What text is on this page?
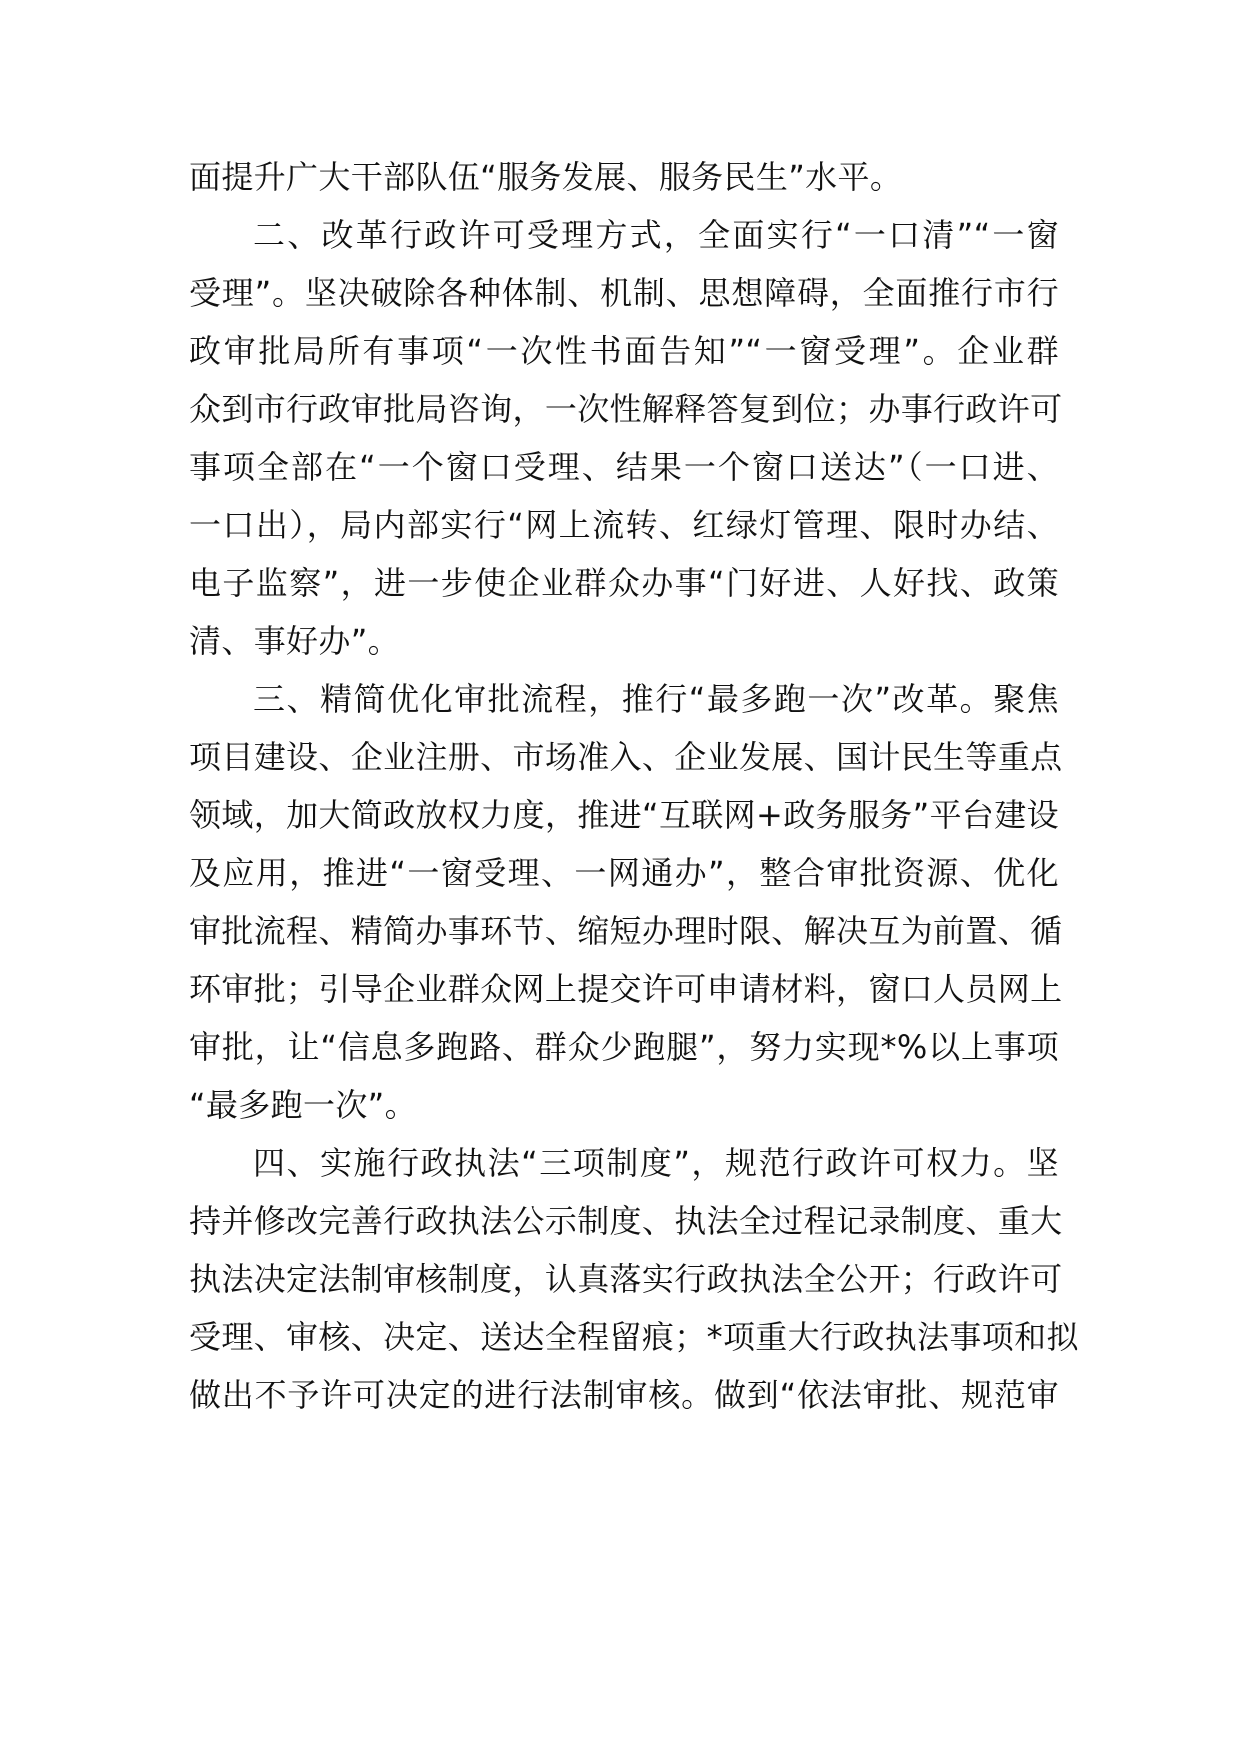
面提升广大干部队伍“服务发展、服务民生”水平。
二、改革行政许可受理方式，全面实行“一口清”“一窗
受理”。坚决破除各种体制、机制、思想障碍，全面推行市行
政审批局所有事项“一次性书面告知”“一窗受理”。企业群
众到市行政审批局咨询，一次性解释答复到位；办事行政许可
事项全部在“一个窗口受理、结果一个窗口送达”（一口进、
一口出），局内部实行“网上流转、红绿灯管理、限时办结、
电子监察”，进一步使企业群众办事“门好进、人好找、政策
清、事好办”。
三、精简优化审批流程，推行“最多跑一次”改革。聚焦
项目建设、企业注册、市场准入、企业发展、国计民生等重点
领域，加大简政放权力度，推进“互联网+政务服务”平台建设
及应用，推进“一窗受理、一网通办”，整合审批资源、优化
审批流程、精简办事环节、缩短办理时限、解决互为前置、循
环审批；引导企业群众网上提交许可申请材料，窗口人员网上
审批，让“信息多跑路、群众少跑腿”，努力实现*%以上事项
“最多跑一次”。
四、实施行政执法“三项制度”，规范行政许可权力。坚
持并修改完善行政执法公示制度、执法全过程记录制度、重大
执法决定法制审核制度，认真落实行政执法全公开；行政许可
受理、审核、决定、送达全程留痕；*项重大行政执法事项和拟
做出不予许可决定的进行法制审核。做到“依法审批、规范审
